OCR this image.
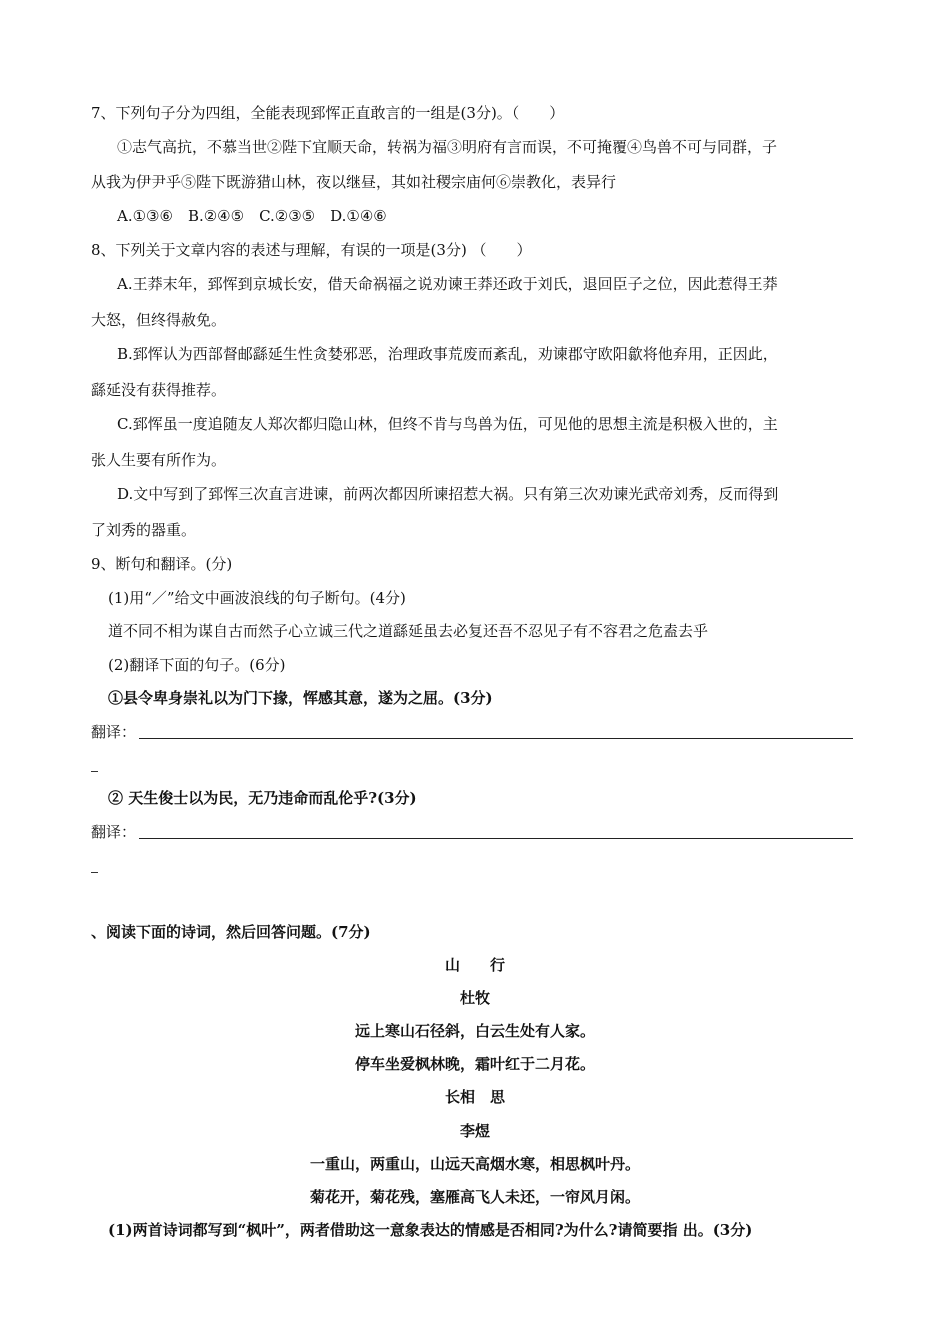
7、下列句子分为四组，全能表现郅恽正直敢言的一组是(3分)。（　　）
①志气高抗，不慕当世②陛下宜顺天命，转祸为福③明府有言而误，不可掩覆④鸟兽不可与同群，子
从我为伊尹乎⑤陛下既游猎山林，夜以继昼，其如社稷宗庙何⑥崇教化，表异行
A.①③⑥　B.②④⑤　C.②③⑤　D.①④⑥
8、下列关于文章内容的表述与理解，有误的一项是(3分) （　　）
A.王莽末年，郅恽到京城长安，借天命祸福之说劝谏王莽还政于刘氏，退回臣子之位，因此惹得王莽
大怒，但终得赦免。
B.郅恽认为西部督邮繇延生性贪婪邪恶，治理政事荒废而紊乱，劝谏郡守欧阳歙将他弃用，正因此，
繇延没有获得推荐。
C.郅恽虽一度追随友人郑次都归隐山林，但终不肯与鸟兽为伍，可见他的思想主流是积极入世的，主
张人生要有所作为。
D.文中写到了郅恽三次直言进谏，前两次都因所谏招惹大祸。只有第三次劝谏光武帝刘秀，反而得到
了刘秀的器重。
9、断句和翻译。(分)
(1)用“／”给文中画波浪线的句子断句。(4分)
道不同不相为谋自古而然子心立诚三代之道繇延虽去必复还吾不忍见子有不容君之危盍去乎
(2)翻译下面的句子。(6分)
①县令卑身崇礼以为门下掾，恽感其意，遂为之屈。(3分)
翻译：
② 天生俊士以为民，无乃违命而乱伦乎?(3分)
翻译：
、阅读下面的诗词，然后回答问题。(7分)
山　　行
杜牧
远上寒山石径斜，白云生处有人家。
停车坐爱枫林晚，霜叶红于二月花。
长相　思
李煜
一重山，两重山，山远天高烟水寒，相思枫叶丹。
菊花开，菊花残，塞雁高飞人未还，一帘风月闲。
(1)两首诗词都写到“枫叶”，两者借助这一意象表达的情感是否相同?为什么?请简要指 出。(3分)
